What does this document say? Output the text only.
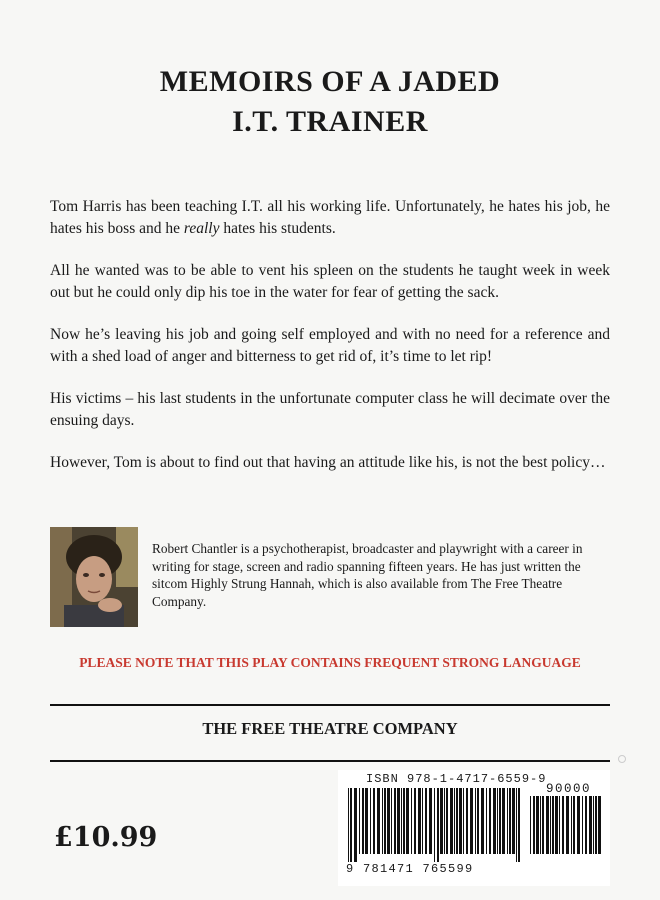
MEMOIRS OF A JADED
I.T. TRAINER

Tom Harris has been teaching I.T. all his working life. Unfortunately, he hates his job, he hates his boss and he really hates his students.

All he wanted was to be able to vent his spleen on the students he taught week in week out but he could only dip his toe in the water for fear of getting the sack.

Now he’s leaving his job and going self employed and with no need for a reference and with a shed load of anger and bitterness to get rid of, it’s time to let rip!

His victims – his last students in the unfortunate computer class he will decimate over the ensuing days.

However, Tom is about to find out that having an attitude like his, is not the best policy…

Robert Chantler is a psychotherapist, broadcaster and playwright with a career in writing for stage, screen and radio spanning fifteen years. He has just written the sitcom Highly Strung Hannah, which is also available from The Free Theatre Company.
PLEASE NOTE THAT THIS PLAY CONTAINS FREQUENT STRONG LANGUAGE
THE FREE THEATRE COMPANY
ISBN 978-1-4717-6559-9
90000
9 781471 765599
£10.99
